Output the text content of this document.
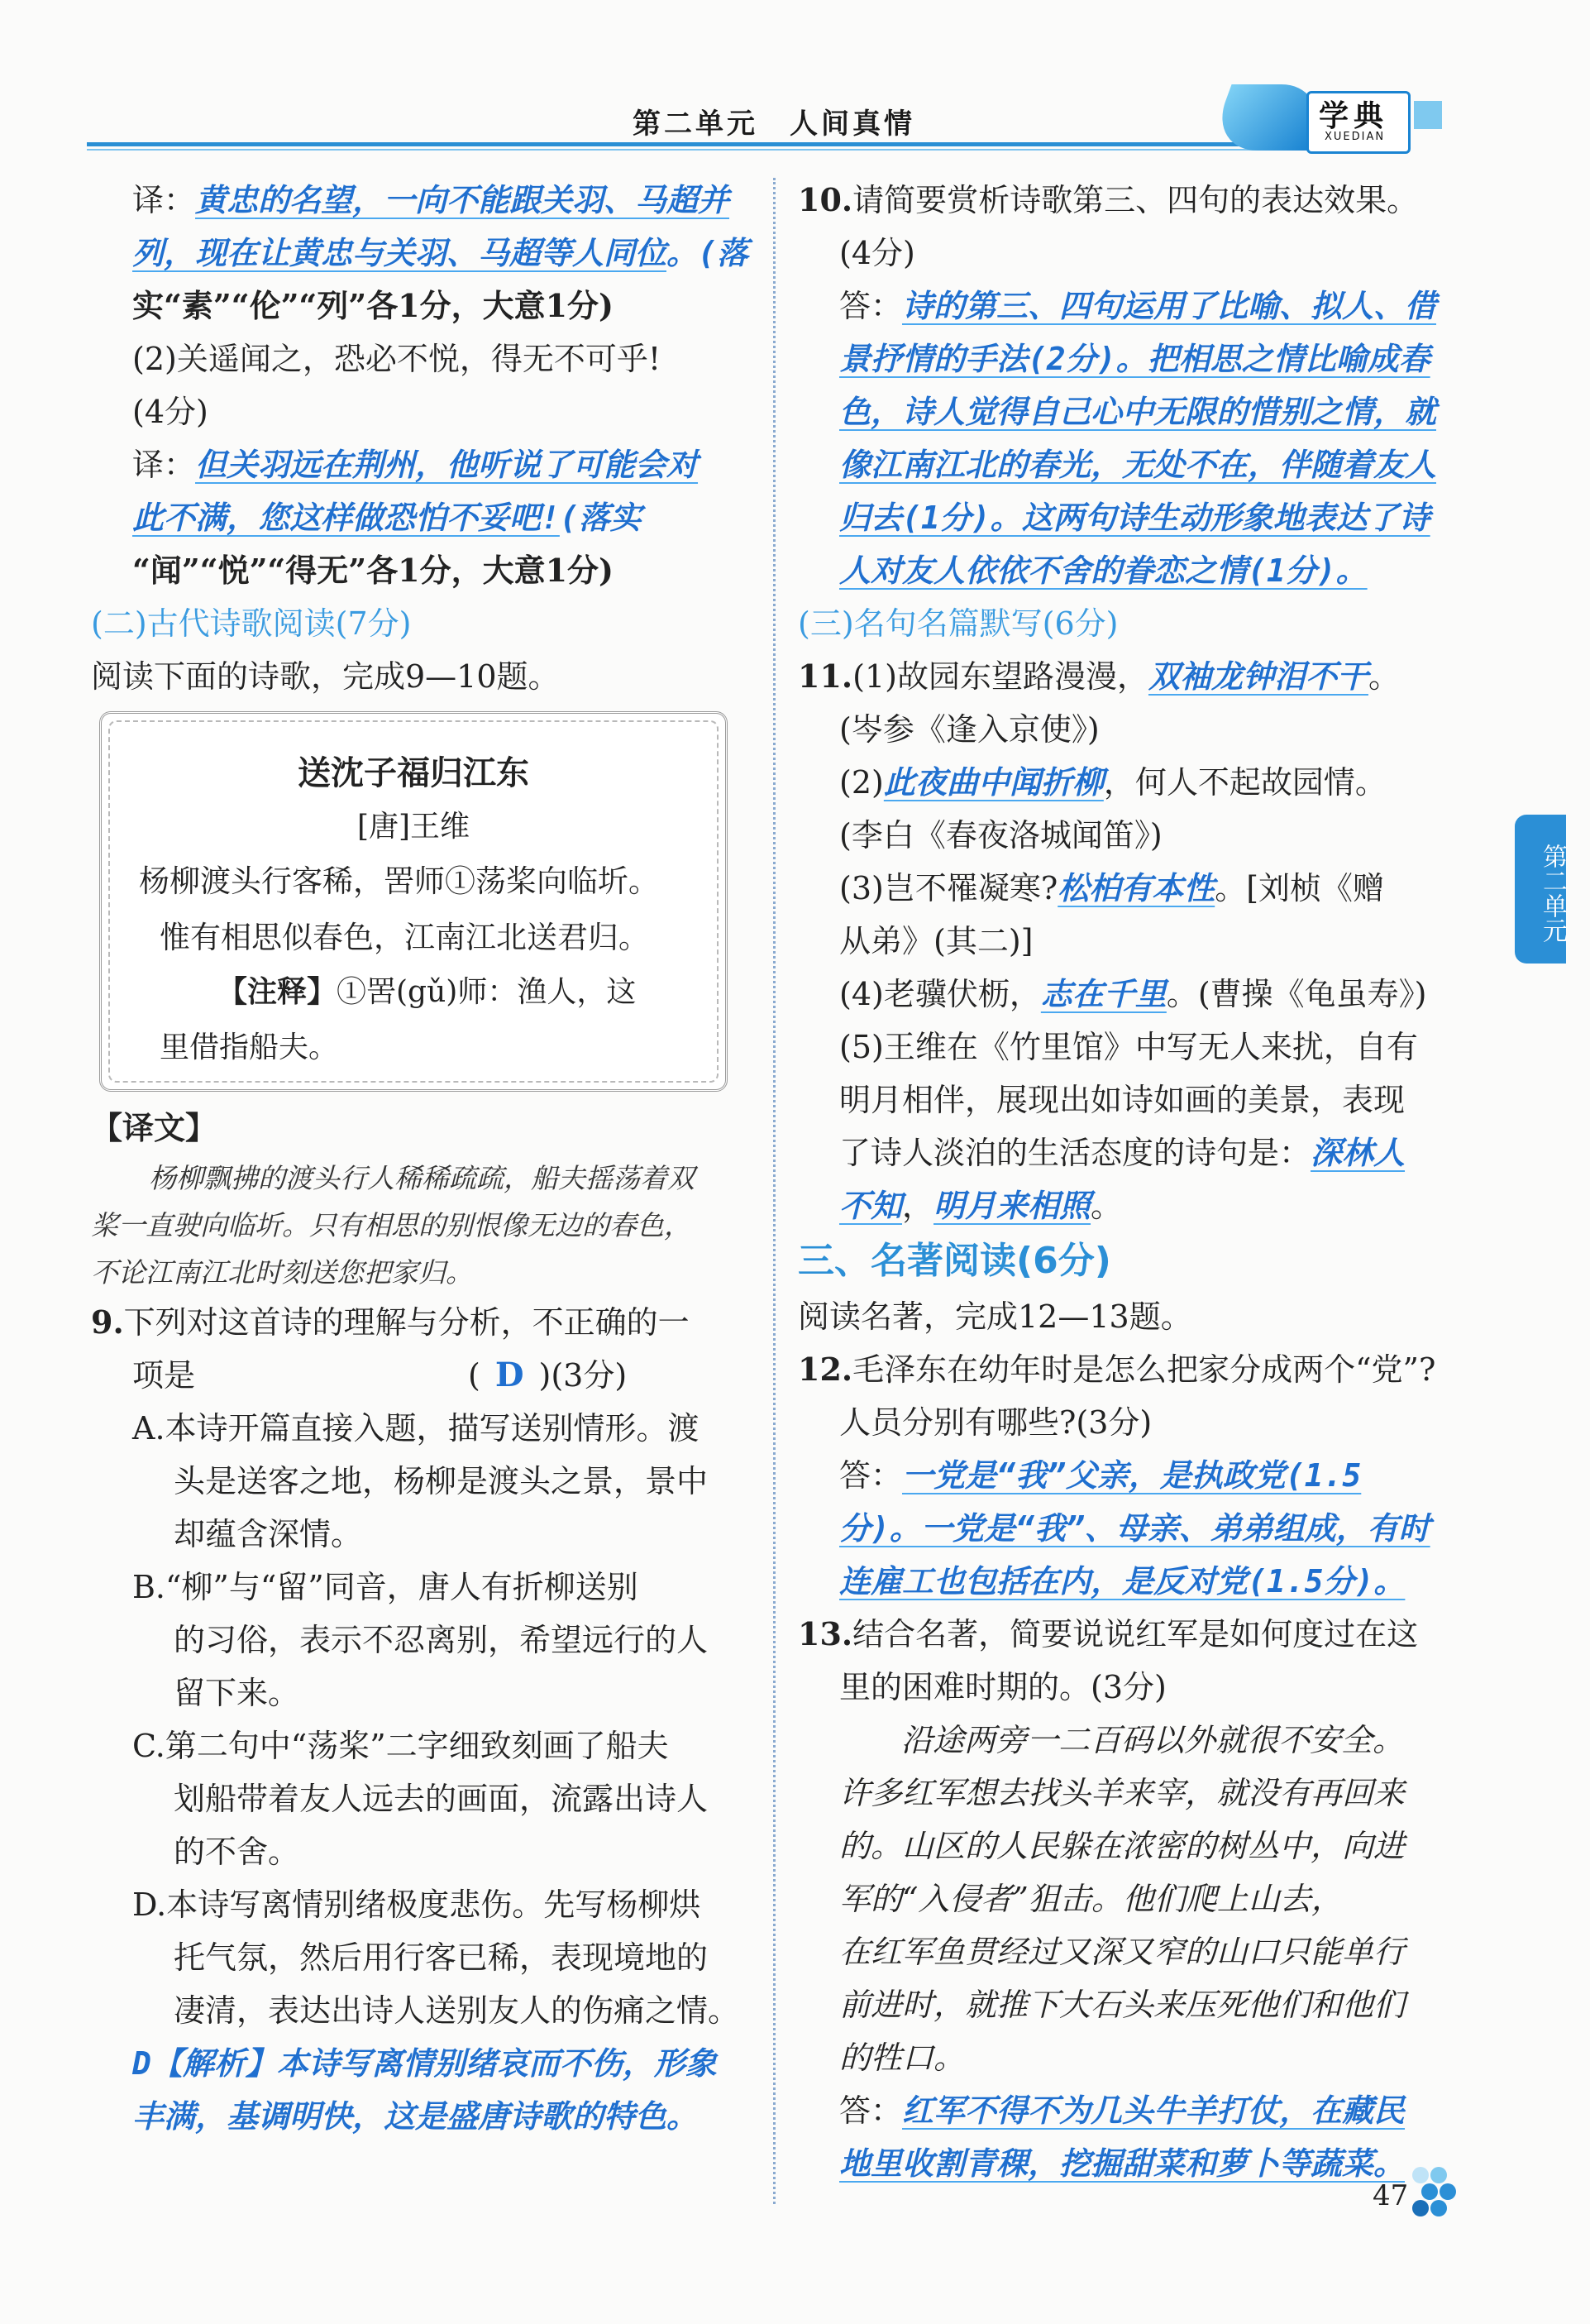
第二单元　人间真情	学典
XUEDIAN
第二单元
译：黄忠的名望，一向不能跟关羽、马超并
列，现在让黄忠与关羽、马超等人同位。(落
实“素”“伦”“列”各1分，大意1分)
(2)关遥闻之，恐必不悦，得无不可乎!
(4分)
译：但关羽远在荆州，他听说了可能会对
此不满，您这样做恐怕不妥吧!(落实
“闻”“悦”“得无”各1分，大意1分)
(二)古代诗歌阅读(7分)
阅读下面的诗歌，完成9—10题。
送沈子福归江东
[唐]王维
杨柳渡头行客稀，罟师①荡桨向临圻。
惟有相思似春色，江南江北送君归。
【注释】①罟(gǔ)师：渔人，这
里借指船夫。
【译文】
杨柳飘拂的渡头行人稀稀疏疏，船夫摇荡着双
桨一直驶向临圻。只有相思的别恨像无边的春色，
不论江南江北时刻送您把家归。
9.下列对这首诗的理解与分析，不正确的一
项是	( D )(3分)
A.本诗开篇直接入题，描写送别情形。渡
头是送客之地，杨柳是渡头之景，景中
却蕴含深情。
B.“柳”与“留”同音，唐人有折柳送别
的习俗，表示不忍离别，希望远行的人
留下来。
C.第二句中“荡桨”二字细致刻画了船夫
划船带着友人远去的画面，流露出诗人
的不舍。
D.本诗写离情别绪极度悲伤。先写杨柳烘
托气氛，然后用行客已稀，表现境地的
凄清，表达出诗人送别友人的伤痛之情。
D【解析】本诗写离情别绪哀而不伤，形象
丰满，基调明快，这是盛唐诗歌的特色。
10.请简要赏析诗歌第三、四句的表达效果。
(4分)
答：诗的第三、四句运用了比喻、拟人、借
景抒情的手法(2分)。把相思之情比喻成春
色，诗人觉得自己心中无限的惜别之情，就
像江南江北的春光，无处不在，伴随着友人
归去(1分)。这两句诗生动形象地表达了诗
人对友人依依不舍的眷恋之情(1分)。
(三)名句名篇默写(6分)
11.(1)故园东望路漫漫，双袖龙钟泪不干。
(岑参《逢入京使》)
(2)此夜曲中闻折柳，何人不起故园情。
(李白《春夜洛城闻笛》)
(3)岂不罹凝寒?松柏有本性。[刘桢《赠
从弟》(其二)]
(4)老骥伏枥，志在千里。(曹操《龟虽寿》)
(5)王维在《竹里馆》中写无人来扰，自有
明月相伴，展现出如诗如画的美景，表现
了诗人淡泊的生活态度的诗句是：深林人
不知，明月来相照。
三、名著阅读(6分)
阅读名著，完成12—13题。
12.毛泽东在幼年时是怎么把家分成两个“党”?
人员分别有哪些?(3分)
答：一党是“我”父亲，是执政党(1.5
分)。一党是“我”、母亲、弟弟组成，有时
连雇工也包括在内，是反对党(1.5分)。
13.结合名著，简要说说红军是如何度过在这
里的困难时期的。(3分)
沿途两旁一二百码以外就很不安全。
许多红军想去找头羊来宰，就没有再回来
的。山区的人民躲在浓密的树丛中，向进
军的“入侵者”狙击。他们爬上山去，
在红军鱼贯经过又深又窄的山口只能单行
前进时，就推下大石头来压死他们和他们
的牲口。
答：红军不得不为几头牛羊打仗，在藏民
地里收割青稞，挖掘甜菜和萝卜等蔬菜。
47
